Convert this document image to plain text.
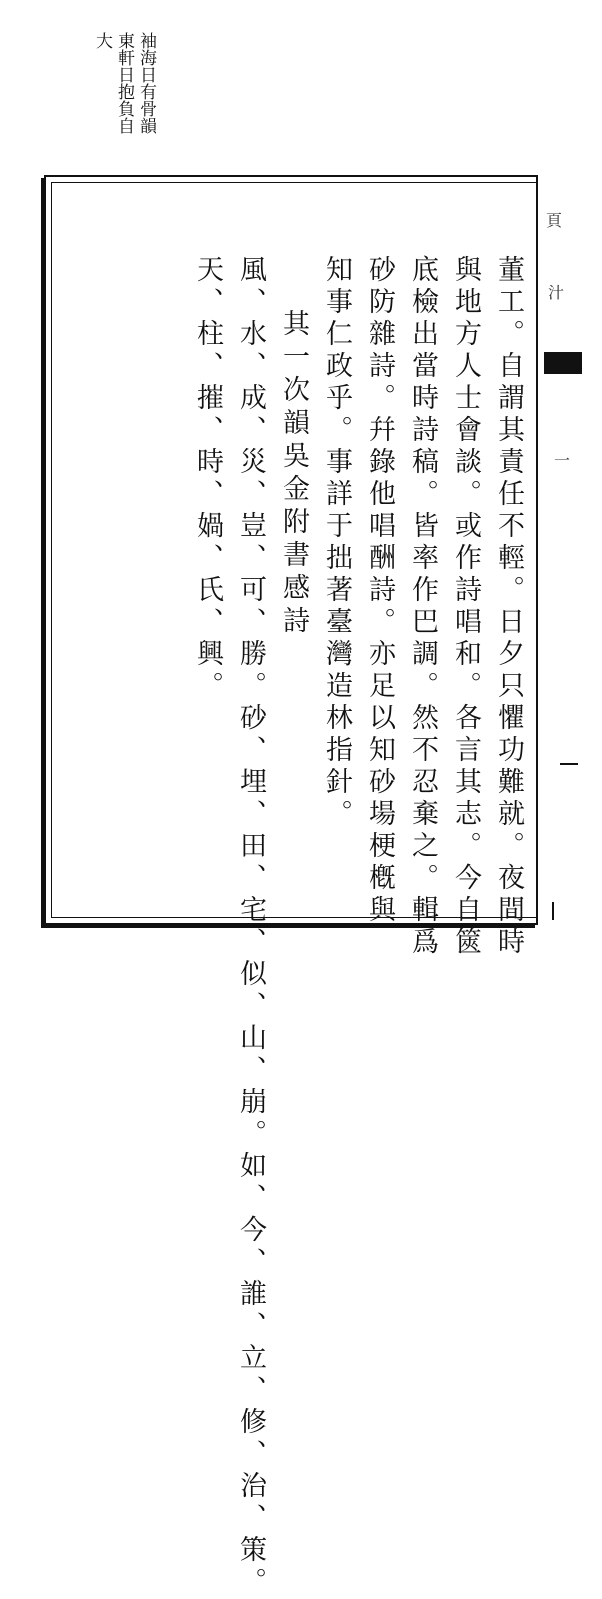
袖海日有骨韻
東軒日抱負自
大
董工。自謂其責任不輕。日夕只懼功難就。夜間時
與地方人士會談。或作詩唱和。各言其志。今自篋
底檢出當時詩稿。皆率作巴調。然不忍棄之。輯爲
砂防雜詩。幷錄他唱酬詩。亦足以知砂場梗槪與
知事仁政乎。事詳于拙著臺灣造林指針。
其一次韻吳金附書感詩
風、水、成、災、豈、可、勝。砂、埋、田、宅、似、山、崩。如、今、誰、立、修、治、策。
天、柱、摧、時、媧、氏、興。
頁
汁
一
